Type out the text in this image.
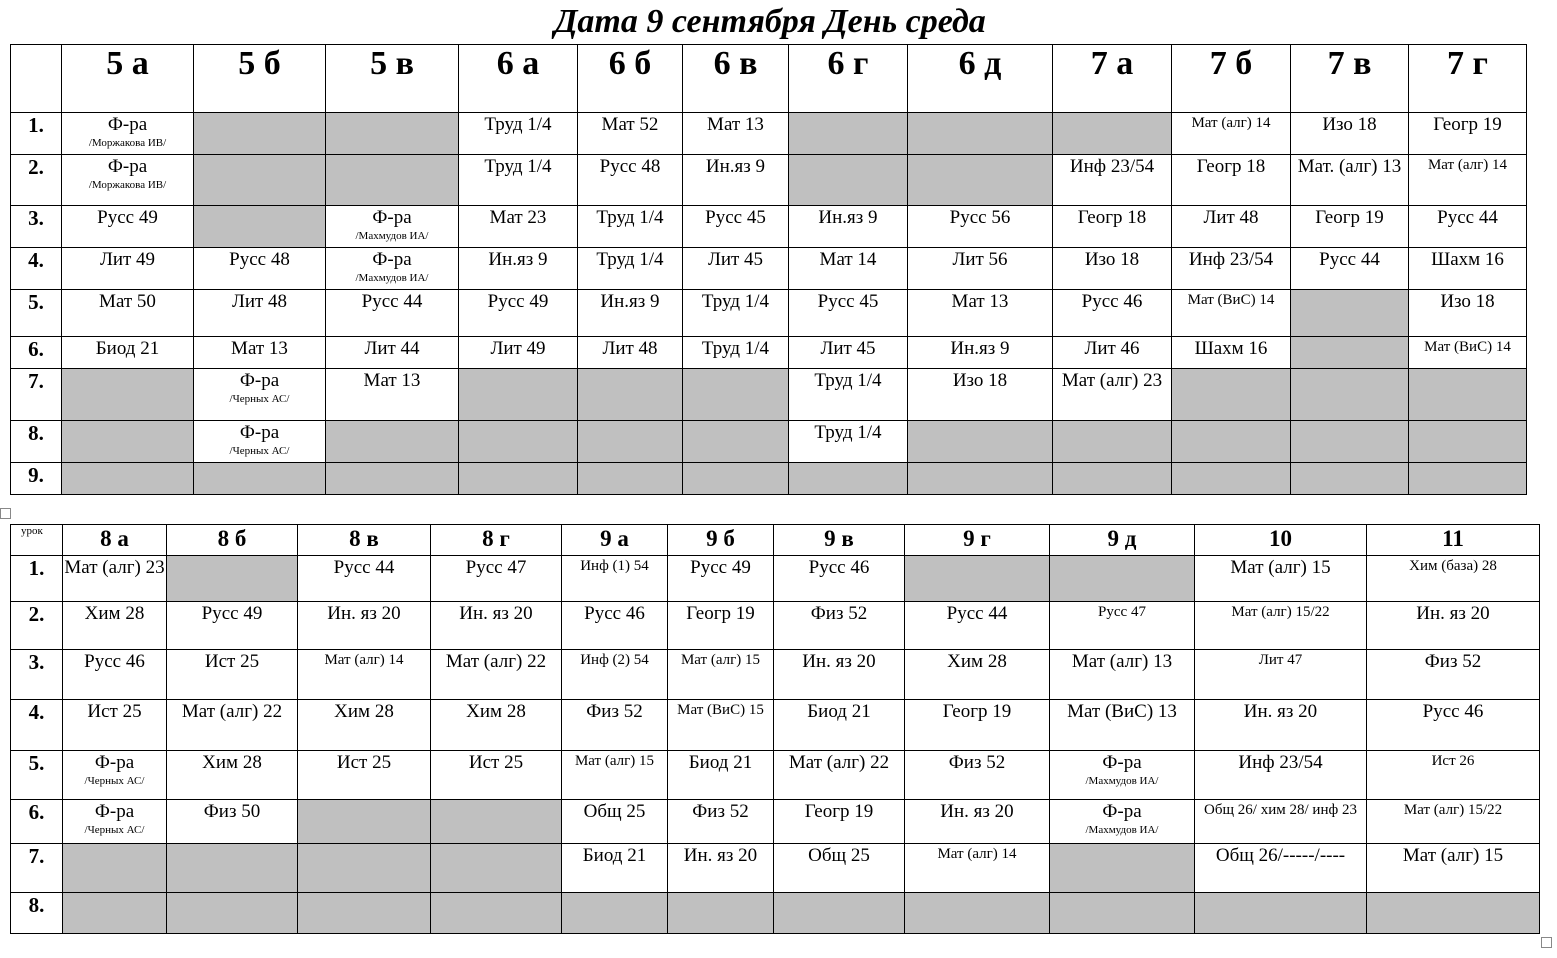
Дата 9 сентября День среда
	5 а	5 б	5 в	6 а	6 б	6 в	6 г	6 д	7 а	7 б	7 в	7 г

1.	Ф-ра
/Моржакова ИВ/			Труд 1/4	Мат 52	Мат 13				Мат (алг) 14	Изо 18	Геогр 19

2.	Ф-ра
/Моржакова ИВ/			Труд 1/4	Русс 48	Ин.яз 9			Инф 23/54	Геогр 18	Мат. (алг) 13	Мат (алг) 14

3.	Русс 49		Ф-ра
/Махмудов ИА/	Мат 23	Труд 1/4	Русс 45	Ин.яз 9	Русс 56	Геогр 18	Лит 48	Геогр 19	Русс 44

4.	Лит 49	Русс 48	Ф-ра
/Махмудов ИА/	Ин.яз 9	Труд 1/4	Лит 45	Мат 14	Лит 56	Изо 18	Инф 23/54	Русс 44	Шахм 16

5.	Мат 50	Лит 48	Русс 44	Русс 49	Ин.яз 9	Труд 1/4	Русс 45	Мат 13	Русс 46	Мат (ВиС) 14		Изо 18

6.	Биод 21	Мат 13	Лит 44	Лит 49	Лит 48	Труд 1/4	Лит 45	Ин.яз 9	Лит 46	Шахм 16		Мат (ВиС) 14

7.		Ф-ра
/Черных АС/	Мат 13				Труд 1/4	Изо 18	Мат (алг) 23			

8.		Ф-ра
/Черных АС/					Труд 1/4					

9.												

урок	8 а	8 б	8 в	8 г	9 а	9 б	9 в	9 г	9 д	10	11

1.	Мат (алг) 23		Русс 44	Русс 47	Инф (1) 54	Русс 49	Русс 46			Мат (алг) 15	Хим (база) 28

2.	Хим 28	Русс 49	Ин. яз 20	Ин. яз 20	Русс 46	Геогр 19	Физ 52	Русс 44	Русс 47	Мат (алг) 15/22	Ин. яз 20

3.	Русс 46	Ист 25	Мат (алг) 14	Мат (алг) 22	Инф (2) 54	Мат (алг) 15	Ин. яз 20	Хим 28	Мат (алг) 13	Лит 47	Физ 52

4.	Ист 25	Мат (алг) 22	Хим 28	Хим 28	Физ 52	Мат (ВиС) 15	Биод 21	Геогр 19	Мат (ВиС) 13	Ин. яз 20	Русс 46

5.	Ф-ра
/Черных АС/	Хим 28	Ист 25	Ист 25	Мат (алг) 15	Биод 21	Мат (алг) 22	Физ 52	Ф-ра
/Махмудов ИА/	Инф 23/54	Ист 26

6.	Ф-ра
/Черных АС/	Физ 50			Общ 25	Физ 52	Геогр 19	Ин. яз 20	Ф-ра
/Махмудов ИА/	Общ 26/ хим 28/ инф 23	Мат (алг) 15/22

7.					Биод 21	Ин. яз 20	Общ 25	Мат (алг) 14		Общ 26/-----/----	Мат (алг) 15

8.											
